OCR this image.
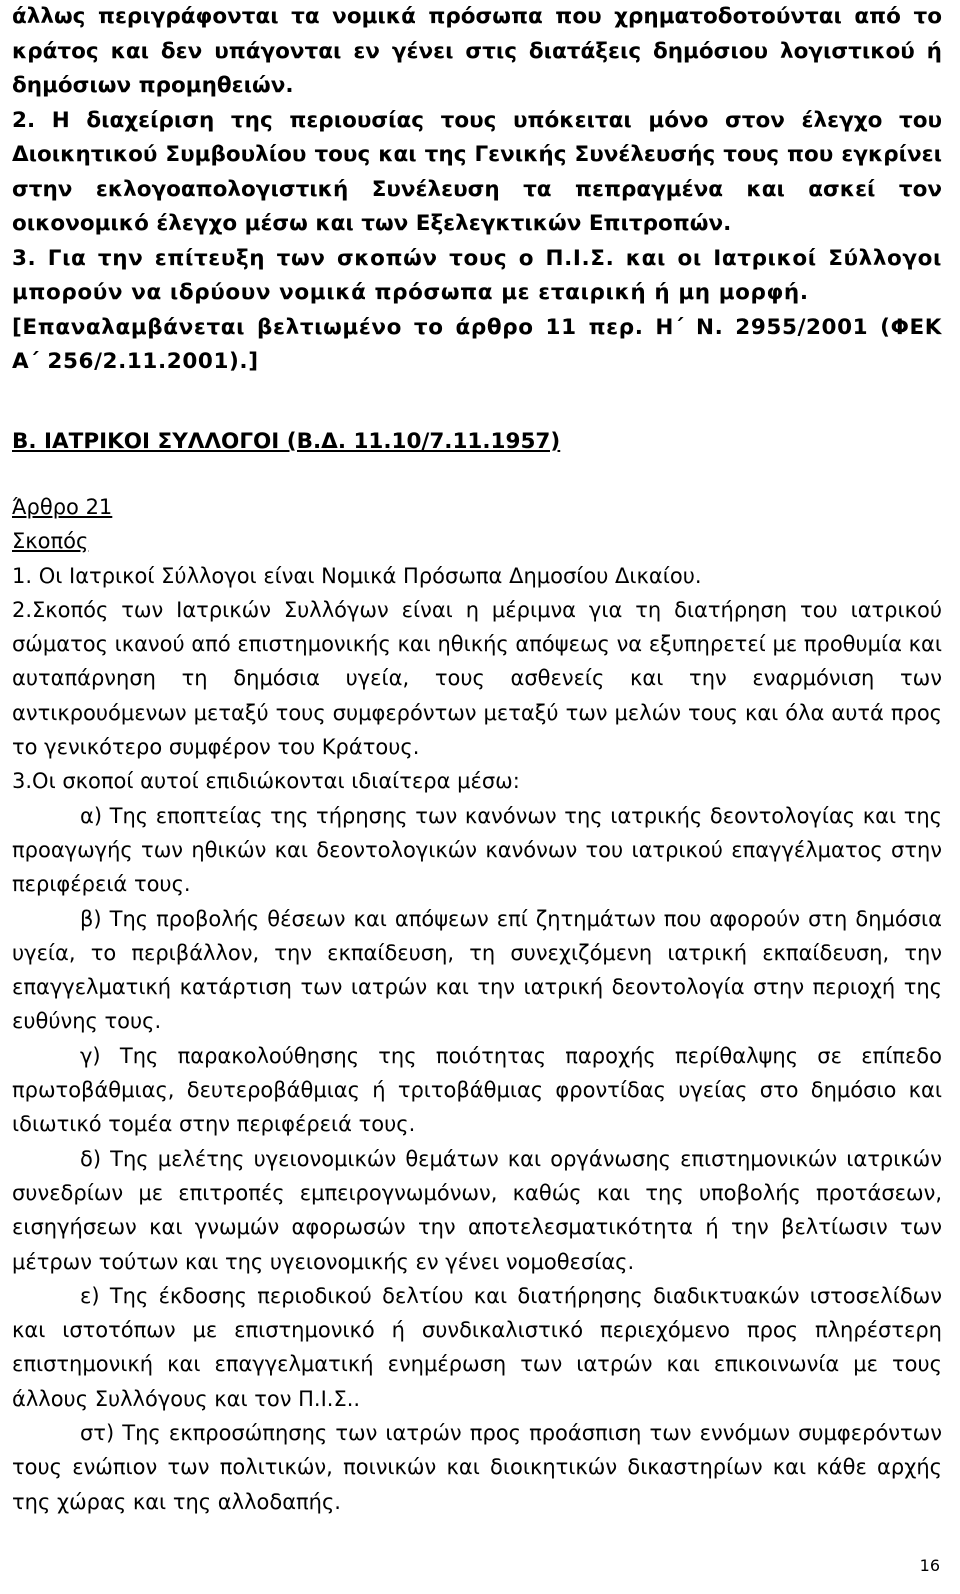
άλλως περιγράφονται τα νομικά πρόσωπα που χρηματοδοτούνται από το κράτος και δεν υπάγονται εν γένει στις διατάξεις δημόσιου λογιστικού ή δημόσιων προμηθειών.

2. Η διαχείριση της περιουσίας τους υπόκειται μόνο στον έλεγχο του Διοικητικού Συμβουλίου τους και της Γενικής Συνέλευσής τους που εγκρίνει στην εκλογοαπολογιστική Συνέλευση τα πεπραγμένα και ασκεί τον οικονομικό έλεγχο μέσω και των Εξελεγκτικών Επιτροπών.

3. Για την επίτευξη των σκοπών τους ο Π.Ι.Σ. και οι Ιατρικοί Σύλλογοι μπορούν να ιδρύουν νομικά πρόσωπα με εταιρική ή μη μορφή.

[Επαναλαμβάνεται βελτιωμένο το άρθρο 11 περ. Η΄ Ν. 2955/2001 (ΦΕΚ Α΄ 256/2.11.2001).]

Β. ΙΑΤΡΙΚΟΙ ΣΥΛΛΟΓΟΙ (Β.Δ. 11.10/7.11.1957)

Άρθρο 21

Σκοπός

1. Οι Ιατρικοί Σύλλογοι είναι Νομικά Πρόσωπα Δημοσίου Δικαίου.

2.Σκοπός των Ιατρικών Συλλόγων είναι η μέριμνα για τη διατήρηση του ιατρικού σώματος ικανού από επιστημονικής και ηθικής απόψεως να εξυπηρετεί με προθυμία και αυταπάρνηση τη δημόσια υγεία, τους ασθενείς και την εναρμόνιση των αντικρουόμενων μεταξύ τους συμφερόντων μεταξύ των μελών τους και όλα αυτά προς το γενικότερο συμφέρον του Κράτους.

3.Οι σκοποί αυτοί επιδιώκονται ιδιαίτερα μέσω:

α) Της εποπτείας της τήρησης των κανόνων της ιατρικής δεοντολογίας και της προαγωγής των ηθικών και δεοντολογικών κανόνων του ιατρικού επαγγέλματος στην περιφέρειά τους.

β) Της προβολής θέσεων και απόψεων επί ζητημάτων που αφορούν στη δημόσια υγεία, το περιβάλλον, την εκπαίδευση, τη συνεχιζόμενη ιατρική εκπαίδευση, την επαγγελματική κατάρτιση των ιατρών και την ιατρική δεοντολογία στην περιοχή της ευθύνης τους.

γ) Της παρακολούθησης της ποιότητας παροχής περίθαλψης σε επίπεδο πρωτοβάθμιας, δευτεροβάθμιας ή τριτοβάθμιας φροντίδας υγείας στο δημόσιο και ιδιωτικό τομέα στην περιφέρειά τους.

δ) Της μελέτης υγειονομικών θεμάτων και οργάνωσης επιστημονικών ιατρικών συνεδρίων με επιτροπές εμπειρογνωμόνων, καθώς και της υποβολής προτάσεων, εισηγήσεων και γνωμών αφορωσών την αποτελεσματικότητα ή την βελτίωσιν των μέτρων τούτων και της υγειονομικής εν γένει νομοθεσίας.

ε) Της έκδοσης περιοδικού δελτίου και διατήρησης διαδικτυακών ιστοσελίδων και ιστοτόπων με επιστημονικό ή συνδικαλιστικό περιεχόμενο προς πληρέστερη επιστημονική και επαγγελματική ενημέρωση των ιατρών και επικοινωνία με τους άλλους Συλλόγους και τον Π.Ι.Σ..

στ) Της εκπροσώπησης των ιατρών προς προάσπιση των εννόμων συμφερόντων τους ενώπιον των πολιτικών, ποινικών και διοικητικών δικαστηρίων και κάθε αρχής της χώρας και της αλλοδαπής.

16
